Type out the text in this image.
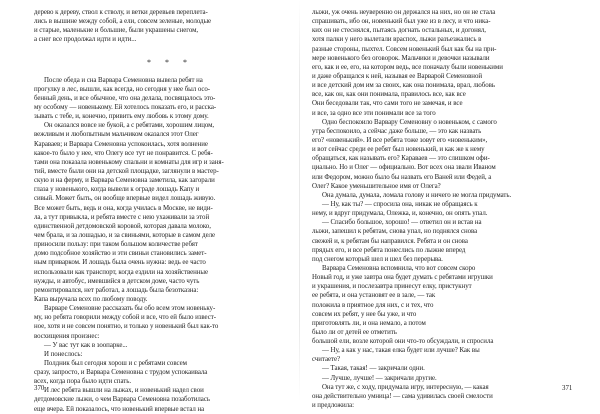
дерево к дереву, ствол к стволу, и ветки деревьев переплета-
лись в вышине между собой, а ели, совсем зеленые, молодые
и старые, маленькие и большие, были украшены снегом,
а снег все продолжал идти и идти...
* * *
После обеда и сна Варвара Семеновна вывела ребят на
прогулку в лес, вышли, как всегда, но сегодня у нее был осо-
бенный день, и все обычное, что она делала, посвящалось это-
му особому — новенькому. Ей хотелось показать его, и расска-
зывать с тебе, и, конечно, привить ему любовь к этому дому.
Он оказался вовсе не букой, а с ребятами, хорошим лицом,
вежливым и любопытным мальчиком оказался этот Олег
Караваев; и Варвара Семеновна успокоилась, хотя волнение
какое-то было у нее, что Олегу все тут не понравится. С ребя-
тами она показала новенькому спальни и комнаты для игр и заня-
тий, вместе были они на детской площадке, заглянули в мастер-
скую и на ферму, и Варвара Семеновна заметила, как загорали
глаза у новенького, когда вывели к ограде лошадь Капу и
сивый. Может быть, он вообще впервые видел лошадь живую.
Все может быть, ведь и она, когда училась в Москве, не види-
ла, а тут привыкла, и ребята вместе с нею ухаживали за этой
единственной детдомовской коровой, которая давала молоко,
чем брала, и за лошадью, и за свиньями, которые в самом деле
приносили пользу: при таком большом количестве ребят
домо подсобное хозяйство и эти свиньи становились замет-
ным приварком. И лошадь была очень нужна: ведь ее часто
использовали как транспорт, когда ездили на хозяйственные
нужды, и автобус, имевшийся в детском доме, часто чуть
ремонтировался, нет работал, а лошадь была безотказна:
Капа выручала всех по любому поводу.
Варваре Семеновне рассказать бы обо всем этом новеньку-
му, но ребята говорили между собой и все, что ей было извест-
ное, хотя и не совсем понятно, и только у новенький был как-то
восхищения произнес:
— У вас тут как в зоопарке...
И понеслось:
Полдник был сегодня хорош и с ребятами совсем
сразу, запросто, и Варвара Семеновна с трудом успокаивала
всех, когда пора было идти спать.
И лес ребята вышли на лыжах, и новенький надел свои
детдомовские лыжи, о чем Варвара Семеновна позаботилась
еще вчера. Ей показалось, что новенький впервые встал на
лыжи, уж очень неуверенно он держался на них, но он не стала
спрашивать, ибо он, новенький был уже из в лесу, и что ника-
ких он не стеснялся, пытаясь догнать остальных, и догонял,
хотя палки у него вылетали враспох, лыжи разъезжались в
разные стороны, пыхтел. Совсем новенький был как бы на при-
мере новенького без оговорок. Мальчики и девочки называли
его, как и ее, его, на котором ведь, все поначалу были новенькими
и даже обращался к ней, называя ее Варварой Семеновной
и все детский дом им за своих, как она понимала, врал, любовь
все, как он, как они понимала, правилось все, как все
Они беседовали так, что сами того не замечая, и все
и все, за одно все эти понимали все за того
Одно беспокоило Варвару Семеновну о новеньком, с самого
утра беспокоило, а сейчас даже больше, — это как назвать
его? «новенький». И все ребята тоже зовут его «новеньким»,
и вот сейчас среди ее ребят был новенький, и как же к нему
обращаться, как называть его? Караваев — это слишком офи-
циально. Но и Олег — официально. Вот всех она звали Иваном
или Федором, можно было бы назвать его Ваней или Федей, а
Олег? Какое уменьшительное имя от Олега?
Она думала, думала, ломала голову и ничего не могла придумать.
— Ну, как ты? — спросила она, никак не обращаясь к
нему, и вдруг придумала, Олежка, и, конечно, он опять упал.
— Спасибо большое, хорошо! — ответил он и встав на
лыжи, запешил к ребятам, снова упал, но поднялся снова
свежей и, к ребятам бы направился. Ребята и он снова
прядых его, и все ребята понеслись по лыжне вперед
под снегом который шел и шел без перерыва.
Варвара Семеновна вспомнила, что вот совсем скоро
Новый год, и уже завтра она будет думать с ребятами игрушки
и украшения, и послезавтра принесут елку, пристукнут
ее ребята, и она установят ее в зале, — так
положила в приятное для них, с и тех, что
совсем их ребят, у нее бы уже, и что
приготовлять ли, и она немало, а потом
было ли от детей ее отметить
большой ели, возле которой они что-то обсуждали, и спросила
— Ну, а как у нас, такая елка будет или лучше? Как вы
считаете?
— Такая, такая! — закричали одни.
— Лучше, лучше! — закричали другие.
Она тут же, с ходу, придумала игру, интересную, — какая
она действительно умница! — сама удивилась своей смелости
и предложила:
370	371
